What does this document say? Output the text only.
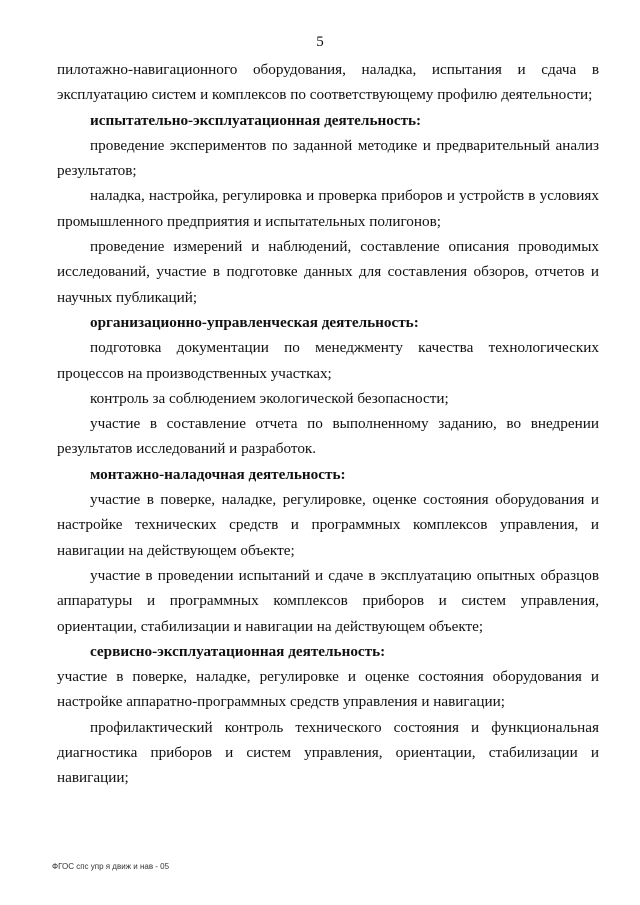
5

пилотажно-навигационного оборудования, наладка, испытания и сдача в эксплуатацию систем и комплексов по соответствующему профилю деятельности;

испытательно-эксплуатационная деятельность:

проведение экспериментов по заданной методике и предварительный анализ результатов;

наладка, настройка, регулировка и проверка приборов и устройств в условиях промышленного предприятия и испытательных полигонов;

проведение измерений и наблюдений, составление описания проводимых исследований, участие в подготовке данных для составления обзоров, отчетов и научных публикаций;

организационно-управленческая деятельность:

подготовка документации по менеджменту качества технологических процессов на производственных участках;

контроль за соблюдением экологической безопасности;

участие в составление отчета по выполненному заданию, во внедрении результатов исследований и разработок.

монтажно-наладочная деятельность:

участие в поверке, наладке, регулировке, оценке состояния оборудования и настройке технических средств и программных комплексов управления, и навигации на действующем объекте;

участие в проведении испытаний и сдаче в эксплуатацию опытных образцов аппаратуры и программных комплексов приборов и систем управления, ориентации, стабилизации и навигации на действующем объекте;

сервисно-эксплуатационная деятельность:

участие в поверке, наладке, регулировке и оценке состояния оборудования и настройке аппаратно-программных средств управления и навигации;

профилактический контроль технического состояния и функциональная диагностика приборов и систем управления, ориентации, стабилизации и навигации;

ФГОС спс упр я движ и нав - 05
